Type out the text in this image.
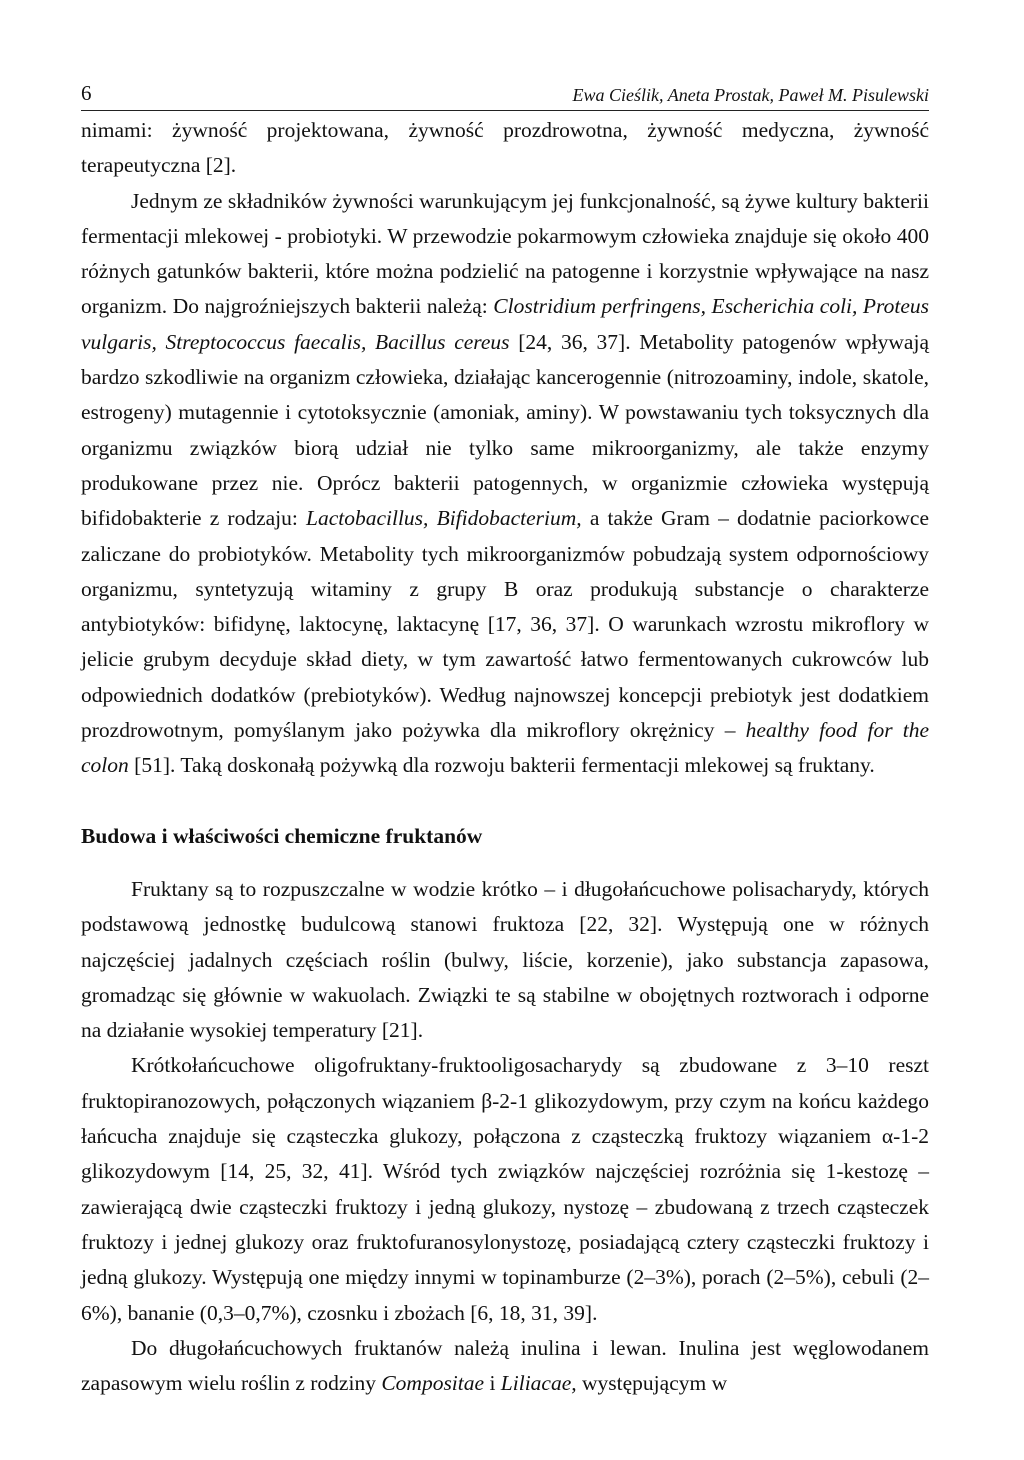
6	Ewa Cieślik, Aneta Prostak, Paweł M. Pisulewski

nimami: żywność projektowana, żywność prozdrowotna, żywność medyczna, żywność terapeutyczna [2].

Jednym ze składników żywności warunkującym jej funkcjonalność, są żywe kultury bakterii fermentacji mlekowej - probiotyki. W przewodzie pokarmowym człowieka znajduje się około 400 różnych gatunków bakterii, które można podzielić na patogenne i korzystnie wpływające na nasz organizm. Do najgroźniejszych bakterii należą: Clostridium perfringens, Escherichia coli, Proteus vulgaris, Streptococcus faecalis, Bacillus cereus [24, 36, 37]. Metabolity patogenów wpływają bardzo szkodliwie na organizm człowieka, działając kancerogennie (nitrozoaminy, indole, skatole, estrogeny) mutagennie i cytotoksycznie (amoniak, aminy). W powstawaniu tych toksycznych dla organizmu związków biorą udział nie tylko same mikroorganizmy, ale także enzymy produkowane przez nie. Oprócz bakterii patogennych, w organizmie człowieka występują bifidobakterie z rodzaju: Lactobacillus, Bifidobacterium, a także Gram – dodatnie paciorkowce zaliczane do probiotyków. Metabolity tych mikroorganizmów pobudzają system odpornościowy organizmu, syntetyzują witaminy z grupy B oraz produkują substancje o charakterze antybiotyków: bifidynę, laktocynę, laktacynę [17, 36, 37]. O warunkach wzrostu mikroflory w jelicie grubym decyduje skład diety, w tym zawartość łatwo fermentowanych cukrowców lub odpowiednich dodatków (prebiotyków). Według najnowszej koncepcji prebiotyk jest dodatkiem prozdrowotnym, pomyślanym jako pożywka dla mikroflory okrężnicy – healthy food for the colon [51]. Taką doskonałą pożywką dla rozwoju bakterii fermentacji mlekowej są fruktany.

Budowa i właściwości chemiczne fruktanów

Fruktany są to rozpuszczalne w wodzie krótko – i długołańcuchowe polisacharydy, których podstawową jednostkę budulcową stanowi fruktoza [22, 32]. Występują one w różnych najczęściej jadalnych częściach roślin (bulwy, liście, korzenie), jako substancja zapasowa, gromadząc się głównie w wakuolach. Związki te są stabilne w obojętnych roztworach i odporne na działanie wysokiej temperatury [21].

Krótkołańcuchowe oligofruktany-fruktooligosacharydy są zbudowane z 3–10 reszt fruktopiranozowych, połączonych wiązaniem β-2-1 glikozydowym, przy czym na końcu każdego łańcucha znajduje się cząsteczka glukozy, połączona z cząsteczką fruktozy wiązaniem α-1-2 glikozydowym [14, 25, 32, 41]. Wśród tych związków najczęściej rozróżnia się 1-kestozę – zawierającą dwie cząsteczki fruktozy i jedną glukozy, nystozę – zbudowaną z trzech cząsteczek fruktozy i jednej glukozy oraz fruktofuranosylonystozę, posiadającą cztery cząsteczki fruktozy i jedną glukozy. Występują one między innymi w topinamburze (2–3%), porach (2–5%), cebuli (2–6%), bananie (0,3–0,7%), czosnku i zbożach [6, 18, 31, 39].

Do długołańcuchowych fruktanów należą inulina i lewan. Inulina jest węglowodanem zapasowym wielu roślin z rodziny Compositae i Liliacae, występującym w
